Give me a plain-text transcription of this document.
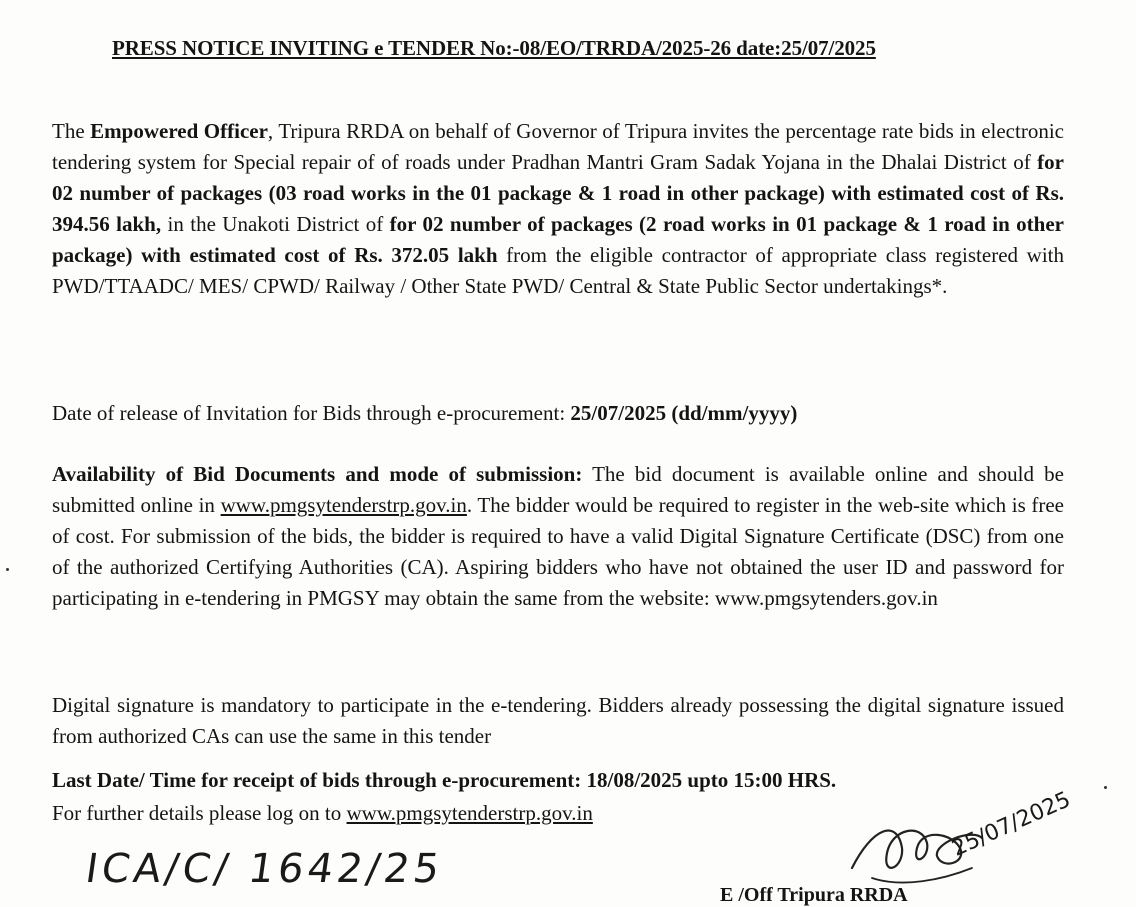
PRESS NOTICE INVITING e TENDER No:-08/EO/TRRDA/2025-26 date:25/07/2025
The Empowered Officer, Tripura RRDA on behalf of Governor of Tripura invites the percentage rate bids in electronic tendering system for Special repair of of roads under Pradhan Mantri Gram Sadak Yojana in the Dhalai District of for 02 number of packages (03 road works in the 01 package & 1 road in other package) with estimated cost of Rs. 394.56 lakh, in the Unakoti District of for 02 number of packages (2 road works in 01 package & 1 road in other package) with estimated cost of Rs. 372.05 lakh from the eligible contractor of appropriate class registered with PWD/TTAADC/ MES/ CPWD/ Railway / Other State PWD/ Central & State Public Sector undertakings*.
Date of release of Invitation for Bids through e-procurement: 25/07/2025 (dd/mm/yyyy)
Availability of Bid Documents and mode of submission: The bid document is available online and should be submitted online in www.pmgsytenderstrp.gov.in. The bidder would be required to register in the web-site which is free of cost. For submission of the bids, the bidder is required to have a valid Digital Signature Certificate (DSC) from one of the authorized Certifying Authorities (CA). Aspiring bidders who have not obtained the user ID and password for participating in e-tendering in PMGSY may obtain the same from the website: www.pmgsytenders.gov.in
Digital signature is mandatory to participate in the e-tendering. Bidders already possessing the digital signature issued from authorized CAs can use the same in this tender
Last Date/ Time for receipt of bids through e-procurement: 18/08/2025 upto 15:00 HRS.
For further details please log on to www.pmgsytenderstrp.gov.in
ICA/C/ 1642/25
25/07/2025
E /Off Tripura RRDA
